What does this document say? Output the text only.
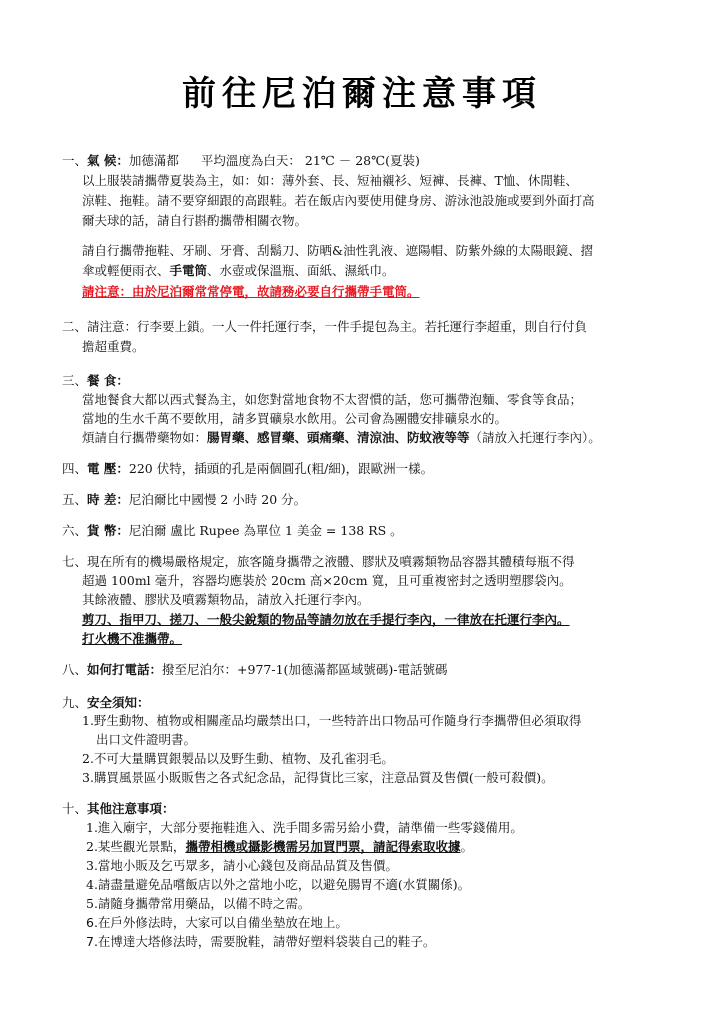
前往尼泊爾注意事項
一、氣 候：加德滿都 平均溫度為白天： 21℃ － 28℃(夏裝)
以上服裝請攜帶夏裝為主，如：如：薄外套、長、短袖襯衫、短褲、長褲、T恤、休閒鞋、
涼鞋、拖鞋。請不要穿細跟的高跟鞋。若在飯店內要使用健身房、游泳池設施或要到外面打高
爾夫球的話，請自行斟酌攜帶相關衣物。
請自行攜帶拖鞋、牙刷、牙膏、刮鬍刀、防晒&油性乳液、遮陽帽、防紫外線的太陽眼鏡、摺
傘或輕便雨衣、手電筒、水壺或保溫瓶、面紙、濕紙巾。
請注意：由於尼泊爾常常停電，故請務必要自行攜帶手電筒。
二、請注意：行李要上鎖。一人一件托運行李，一件手提包為主。若托運行李超重，則自行付負
擔超重費。
三、餐 食：
當地餐食大都以西式餐為主，如您對當地食物不太習慣的話，您可攜帶泡麵、零食等食品；
當地的生水千萬不要飲用，請多買礦泉水飲用。公司會為團體安排礦泉水的。
煩請自行攜帶藥物如：腸胃藥、感冒藥、頭痛藥、清涼油、防蚊液等等（請放入托運行李內）。
四、電 壓：220 伏特，插頭的孔是兩個圓孔(粗/細)，跟歐洲一樣。
五、時 差：尼泊爾比中國慢 2 小時 20 分。
六、貨 幣：尼泊爾 盧比 Rupee 為單位 1 美金 = 138 RS 。
七、現在所有的機場嚴格規定，旅客隨身攜帶之液體、膠狀及噴霧類物品容器其體積每瓶不得
超過 100ml 毫升，容器均應裝於 20cm 高×20cm 寬，且可重複密封之透明塑膠袋內。
其餘液體、膠狀及噴霧類物品，請放入托運行李內。
剪刀、指甲刀、搓刀、一般尖銳類的物品等請勿放在手提行李內，一律放在托運行李內。
打火機不准攜帶。
八、如何打電話：撥至尼泊尔：+977-1(加德滿都區域號碼)-電話號碼
九、安全須知：
1.野生動物、植物或相關產品均嚴禁出口，一些特許出口物品可作隨身行李攜帶但必須取得
出口文件證明書。
2.不可大量購買銀製品以及野生動、植物、及孔雀羽毛。
3.購買風景區小販販售之各式紀念品，記得貨比三家，注意品質及售價(一般可殺價)。
十、其他注意事項：
1.進入廟宇，大部分要拖鞋進入、洗手間多需另給小費，請準備一些零錢備用。
2.某些觀光景點，攜帶相機或攝影機需另加買門票，請記得索取收據。
3.當地小販及乞丐眾多，請小心錢包及商品品質及售價。
4.請盡量避免品嚐飯店以外之當地小吃，以避免腸胃不適(水質關係)。
5.請隨身攜帶常用藥品，以備不時之需。
6.在戶外修法時，大家可以自備坐墊放在地上。
7.在博達大塔修法時，需要脫鞋，請帶好塑料袋裝自己的鞋子。
